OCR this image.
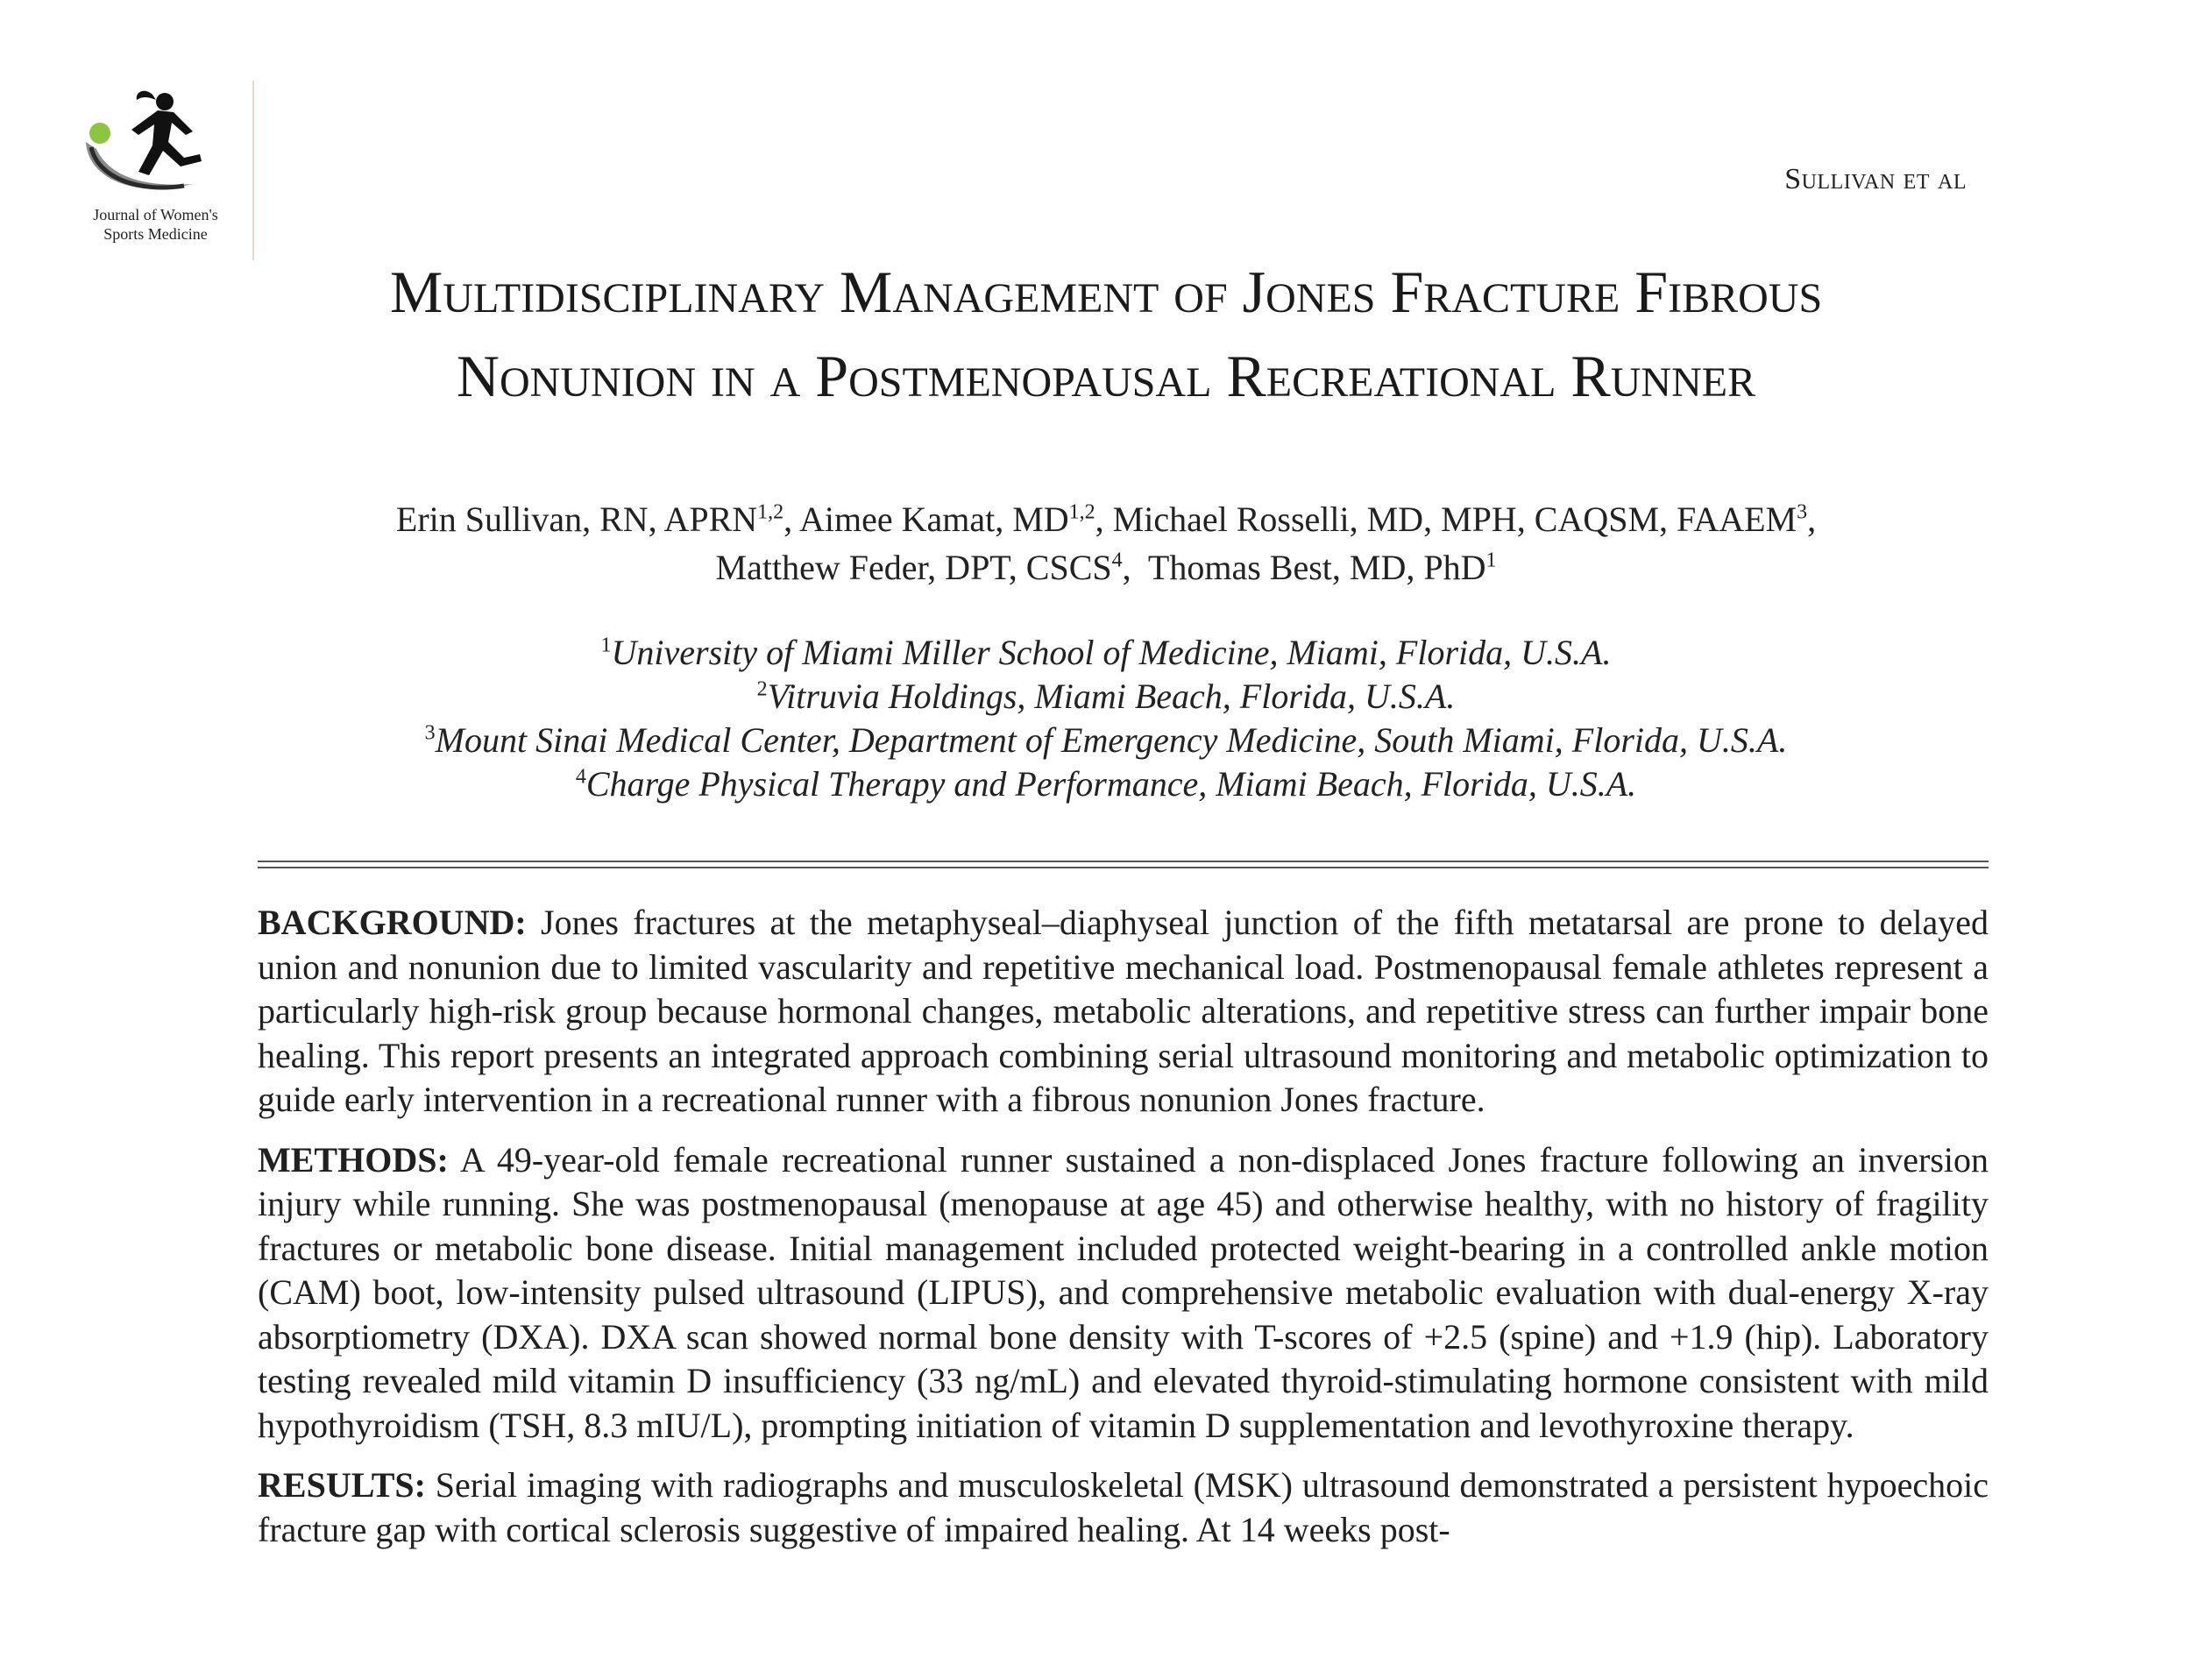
Journal of Women's
Sports Medicine
Sullivan et al
Multidisciplinary Management of Jones Fracture Fibrous
Nonunion in a Postmenopausal Recreational Runner
Erin Sullivan, RN, APRN$^{1,2}$, Aimee Kamat, MD$^{1,2}$, Michael Rosselli, MD, MPH, CAQSM, FAAEM$^3$,
Matthew Feder, DPT, CSCS$^4$,  Thomas Best, MD, PhD$^1$
$^1$University of Miami Miller School of Medicine, Miami, Florida, U.S.A.
$^2$Vitruvia Holdings, Miami Beach, Florida, U.S.A.
$^3$Mount Sinai Medical Center, Department of Emergency Medicine, South Miami, Florida, U.S.A.
$^4$Charge Physical Therapy and Performance, Miami Beach, Florida, U.S.A.

BACKGROUND: Jones fractures at the metaphyseal–diaphyseal junction of the fifth metatarsal are prone to delayed union and nonunion due to limited vascularity and repetitive mechanical load. Postmenopausal female athletes represent a particularly high-risk group because hormonal changes, metabolic alterations, and repetitive stress can further impair bone healing. This report presents an integrated approach combining serial ultrasound monitoring and metabolic optimization to guide early intervention in a recreational runner with a fibrous nonunion Jones fracture.

METHODS: A 49-year-old female recreational runner sustained a non-displaced Jones fracture following an inversion injury while running. She was postmenopausal (menopause at age 45) and otherwise healthy, with no history of fragility fractures or metabolic bone disease. Initial management included protected weight-bearing in a controlled ankle motion (CAM) boot, low-intensity pulsed ultrasound (LIPUS), and comprehensive metabolic evaluation with dual-energy X-ray absorptiometry (DXA). DXA scan showed normal bone density with T-scores of +2.5 (spine) and +1.9 (hip). Laboratory testing revealed mild vitamin D insufficiency (33 ng/mL) and elevated thyroid-stimulating hormone consistent with mild hypothyroidism (TSH, 8.3 mIU/L), prompting initiation of vitamin D supplementation and levothyroxine therapy.

RESULTS: Serial imaging with radiographs and musculoskeletal (MSK) ultrasound demonstrated a persistent hypoechoic fracture gap with cortical sclerosis suggestive of impaired healing. At 14 weeks post-
